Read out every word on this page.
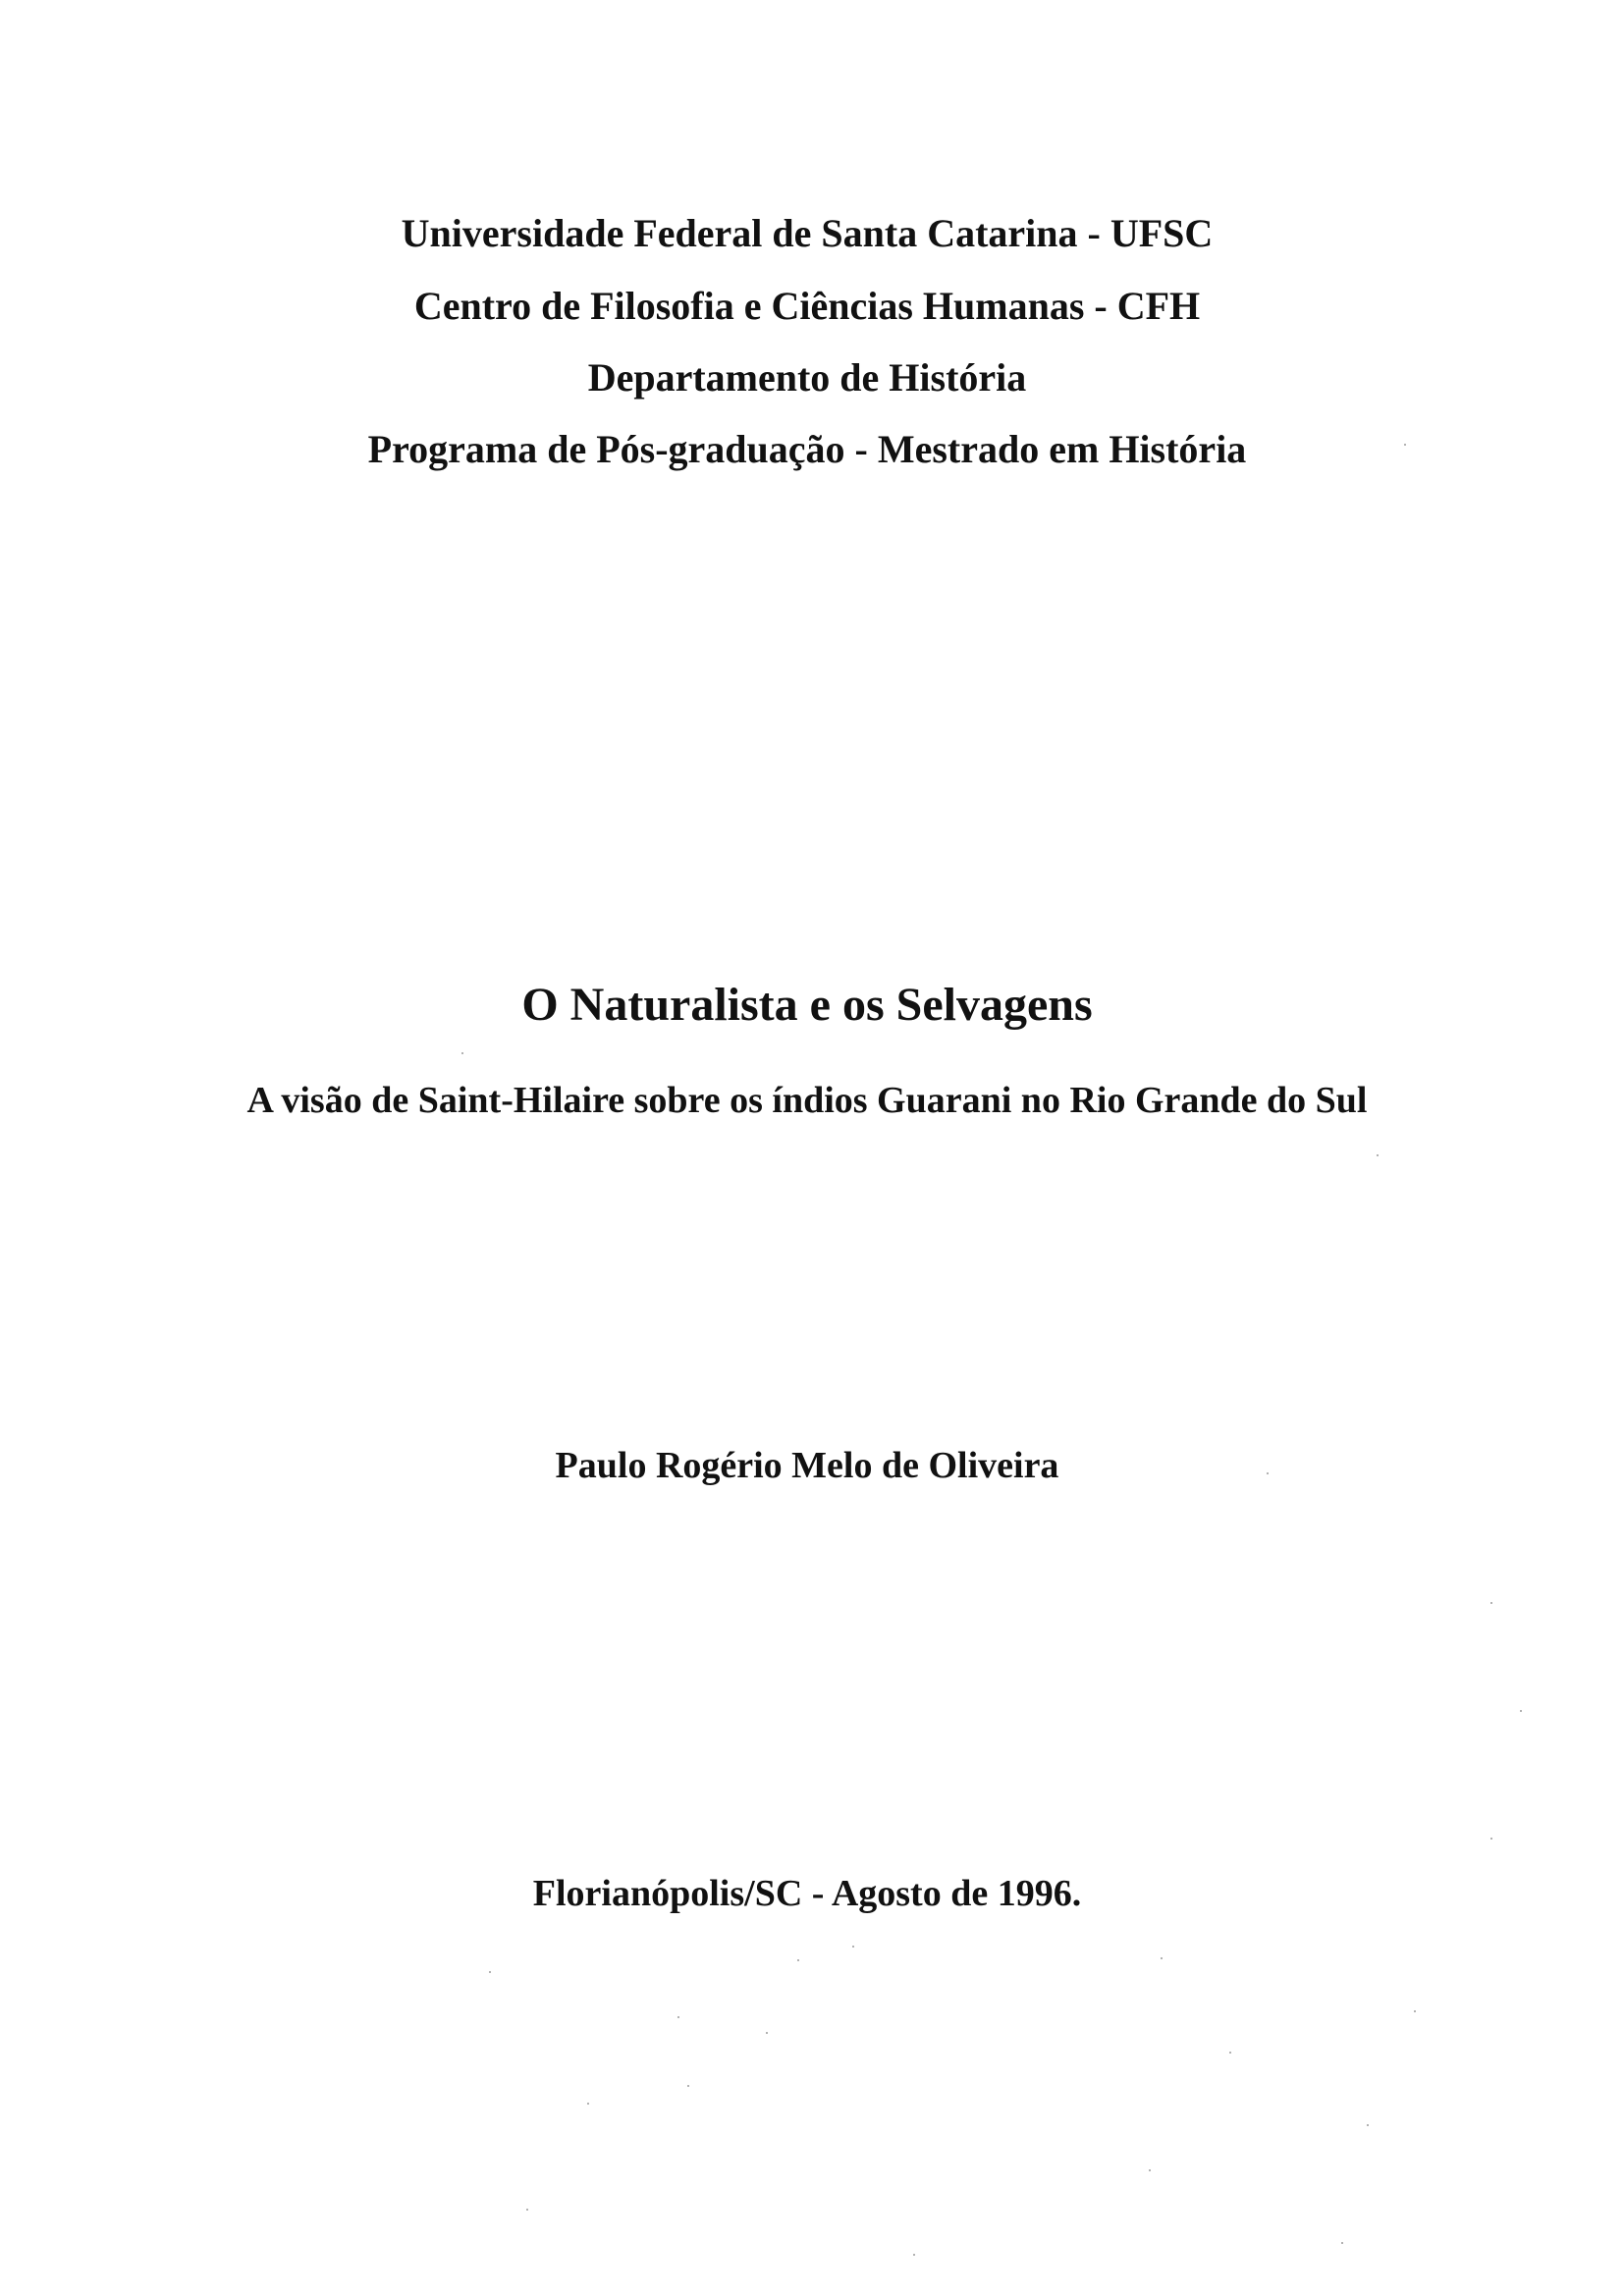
Universidade Federal de Santa Catarina - UFSC
Centro de Filosofia e Ciências Humanas - CFH
Departamento de História
Programa de Pós-graduação - Mestrado em História
O Naturalista e os Selvagens
A visão de Saint-Hilaire sobre os índios Guarani no Rio Grande do Sul
Paulo Rogério Melo de Oliveira
Florianópolis/SC - Agosto de 1996.
